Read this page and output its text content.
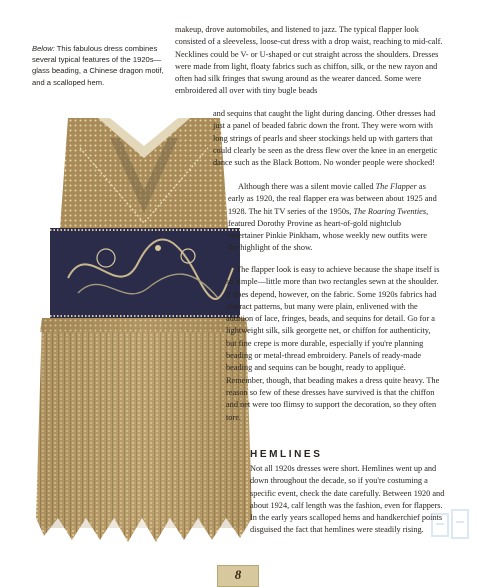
Below: This fabulous dress combines several typical features of the 1920s—glass beading, a Chinese dragon motif, and a scalloped hem.

makeup, drove automobiles, and listened to jazz. The typical flapper look consisted of a sleeveless, loose-cut dress with a drop waist, reaching to mid-calf. Necklines could be V- or U-shaped or cut straight across the shoulders. Dresses were made from light, floaty fabrics such as chiffon, silk, or the new rayon and often had silk fringes that swung around as the wearer danced. Some were embroidered all over with tiny bugle beads

and sequins that caught the light during dancing. Other dresses had just a panel of beaded fabric down the front. They were worn with long strings of pearls and sheer stockings held up with garters that could clearly be seen as the dress flew over the knee in an energetic dance such as the Black Bottom. No wonder people were shocked!

Although there was a silent movie called The Flapper as early as 1920, the real flapper era was between about 1925 and 1928. The hit TV series of the 1950s, The Roaring Twenties, featured Dorothy Provine as heart-of-gold nightclub entertainer Pinkie Pinkham, whose weekly new outfits were the highlight of the show.

The flapper look is easy to achieve because the shape itself is so simple—little more than two rectangles sewn at the shoulder. It does depend, however, on the fabric. Some 1920s fabrics had abstract patterns, but many were plain, enlivened with the addition of lace, fringes, beads, and sequins for detail. Go for a lightweight silk, silk georgette net, or chiffon for authenticity, but fine crepe is more durable, especially if you're planning beading or metal-thread embroidery. Panels of ready-made beading and sequins can be bought, ready to appliqué. Remember, though, that beading makes a dress quite heavy. The reason so few of these dresses have survived is that the chiffon and net were too flimsy to support the decoration, so they often tore.

HEMLINES

Not all 1920s dresses were short. Hemlines went up and down throughout the decade, so if you're costuming a specific event, check the date carefully. Between 1920 and about 1924, calf length was the fashion, even for flappers. In the early years scalloped hems and handkerchief points disguised the fact that hemlines were steadily rising.

8
